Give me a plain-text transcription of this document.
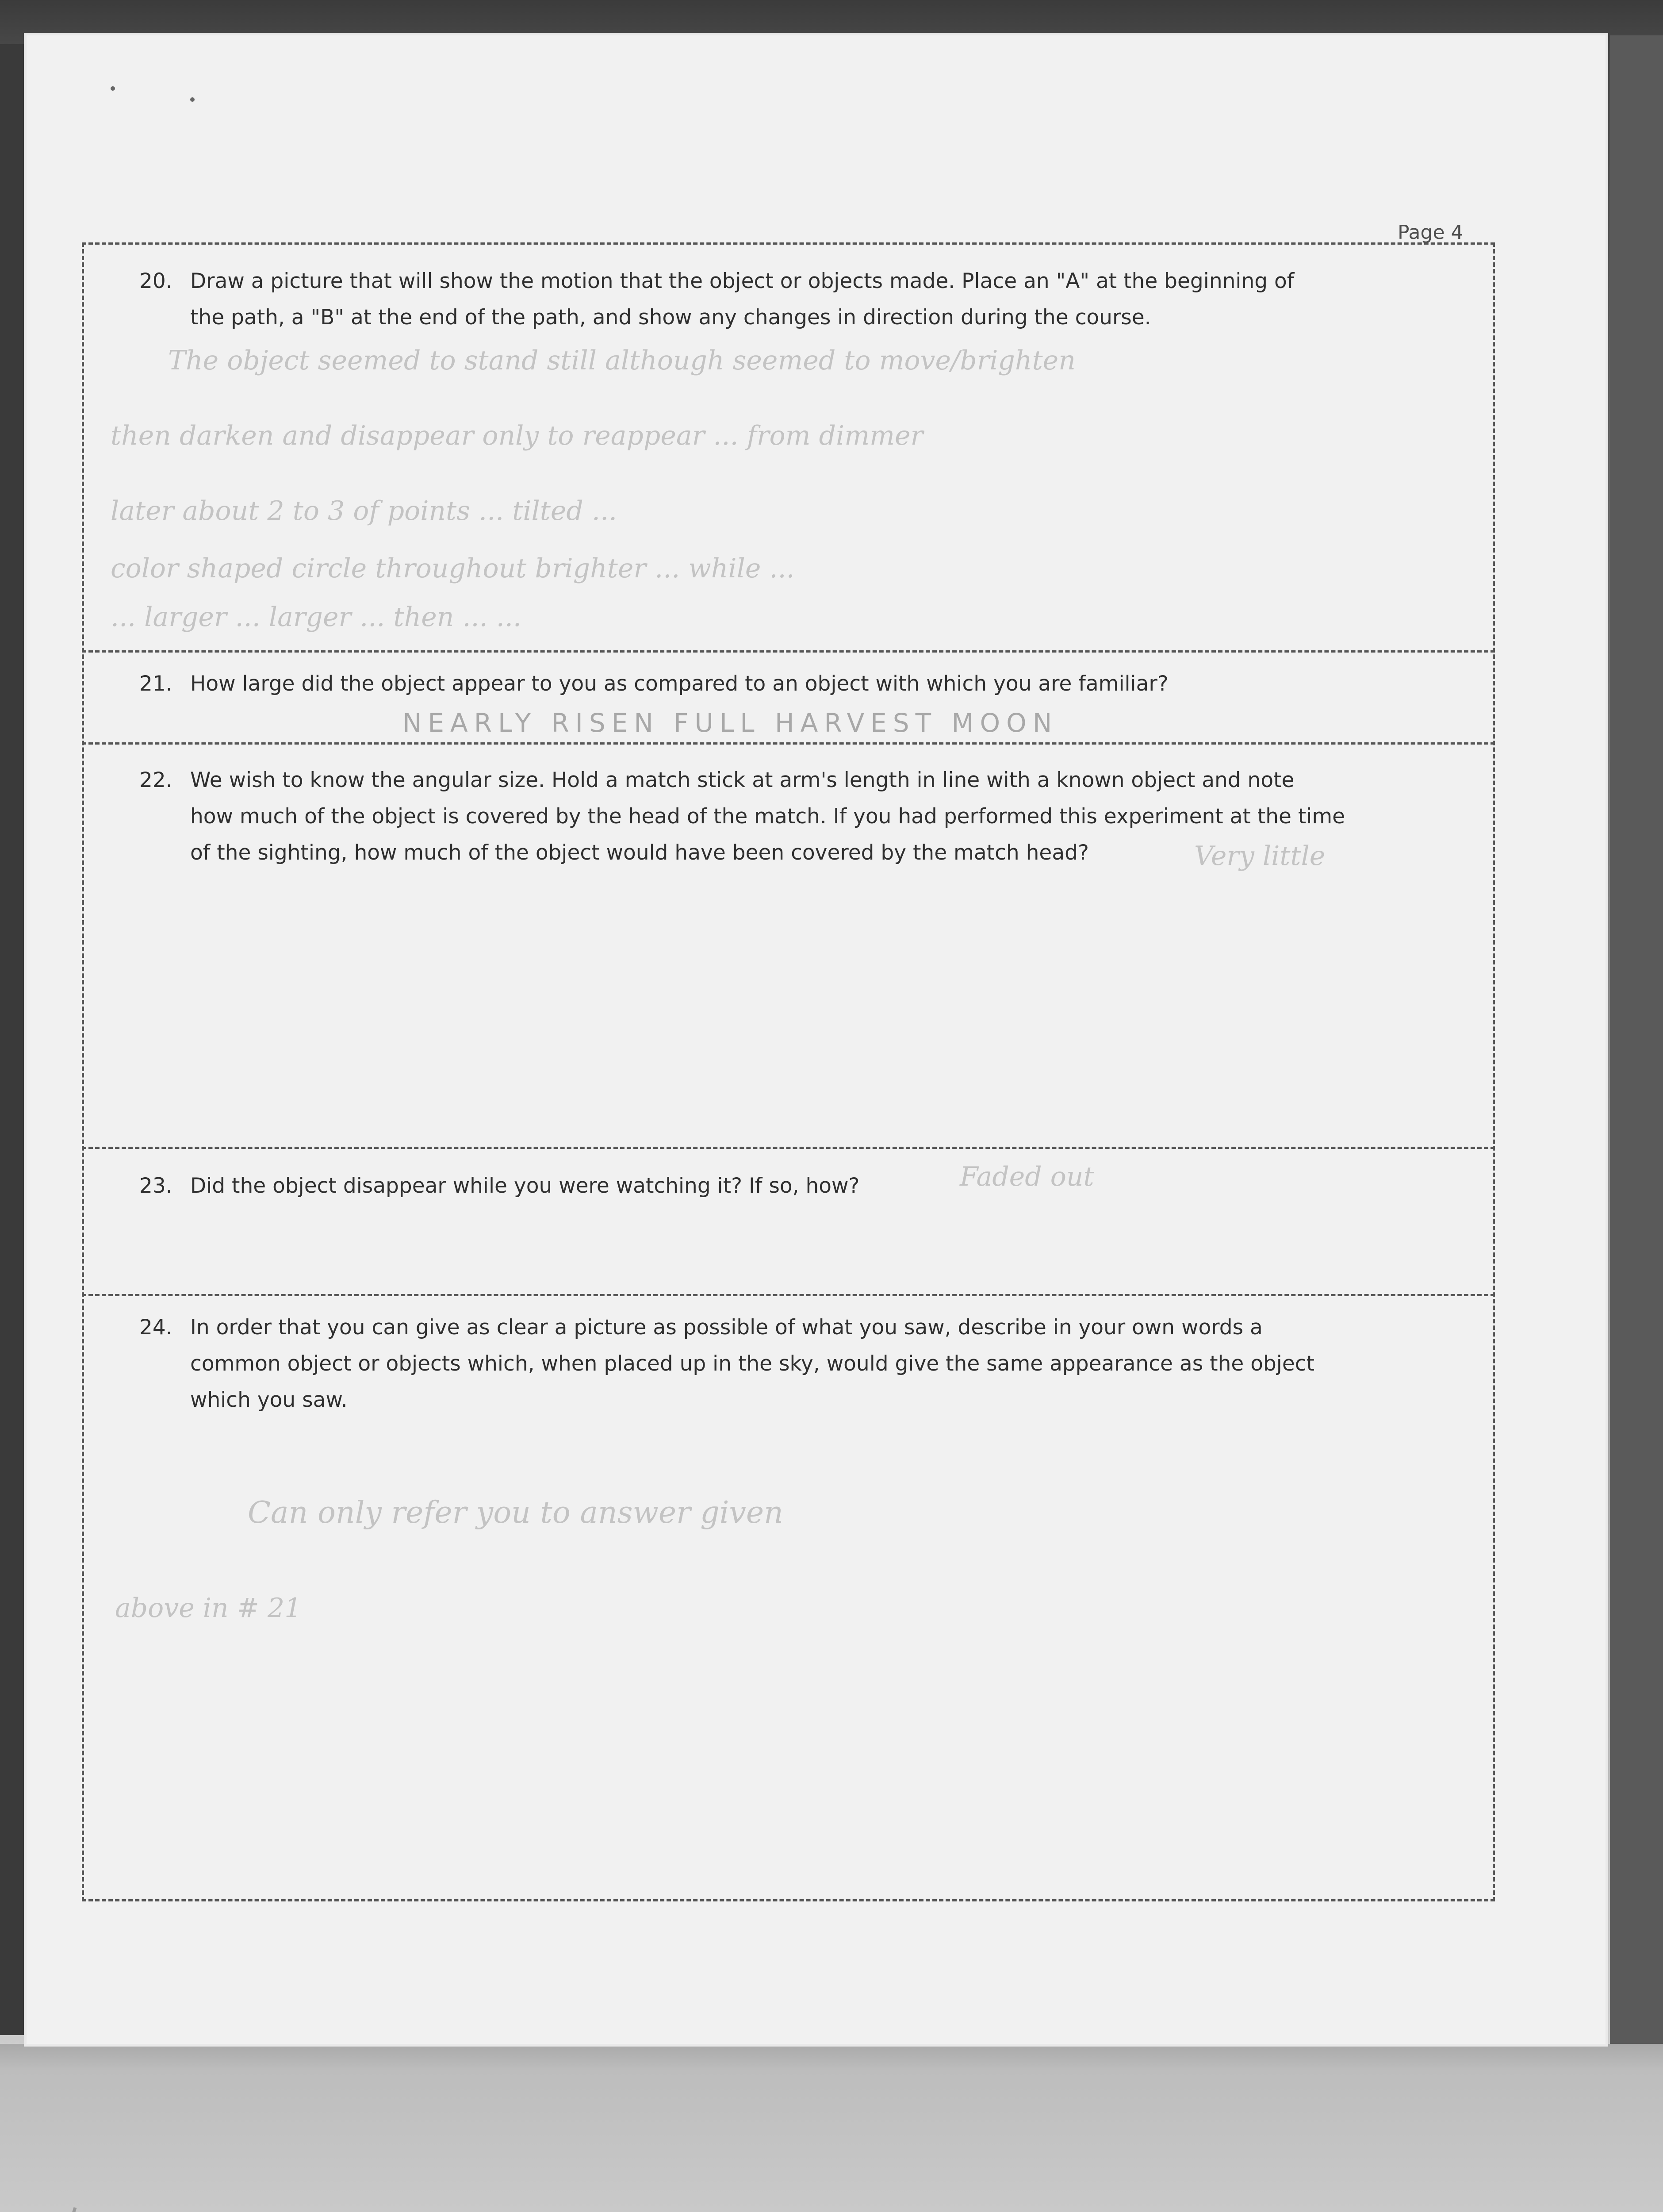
Page 4
20. Draw a picture that will show the motion that the object or objects made. Place an "A" at the beginning of
the path, a "B" at the end of the path, and show any changes in direction during the course.
The object seemed to stand still although seemed to move/brighten
then darken and disappear only to reappear ... from dimmer
later about 2 to 3 of points ... tilted ...
color shaped circle throughout brighter ... while ...
... larger ... larger ... then ... ...
21. How large did the object appear to you as compared to an object with which you are familiar?
NEARLY RISEN FULL HARVEST MOON
22. We wish to know the angular size. Hold a match stick at arm's length in line with a known object and note
how much of the object is covered by the head of the match. If you had performed this experiment at the time
of the sighting, how much of the object would have been covered by the match head?	Very little
23. Did the object disappear while you were watching it? If so, how?	Faded out
24. In order that you can give as clear a picture as possible of what you saw, describe in your own words a
common object or objects which, when placed up in the sky, would give the same appearance as the object
which you saw.
Can only refer you to answer given
above in # 21
